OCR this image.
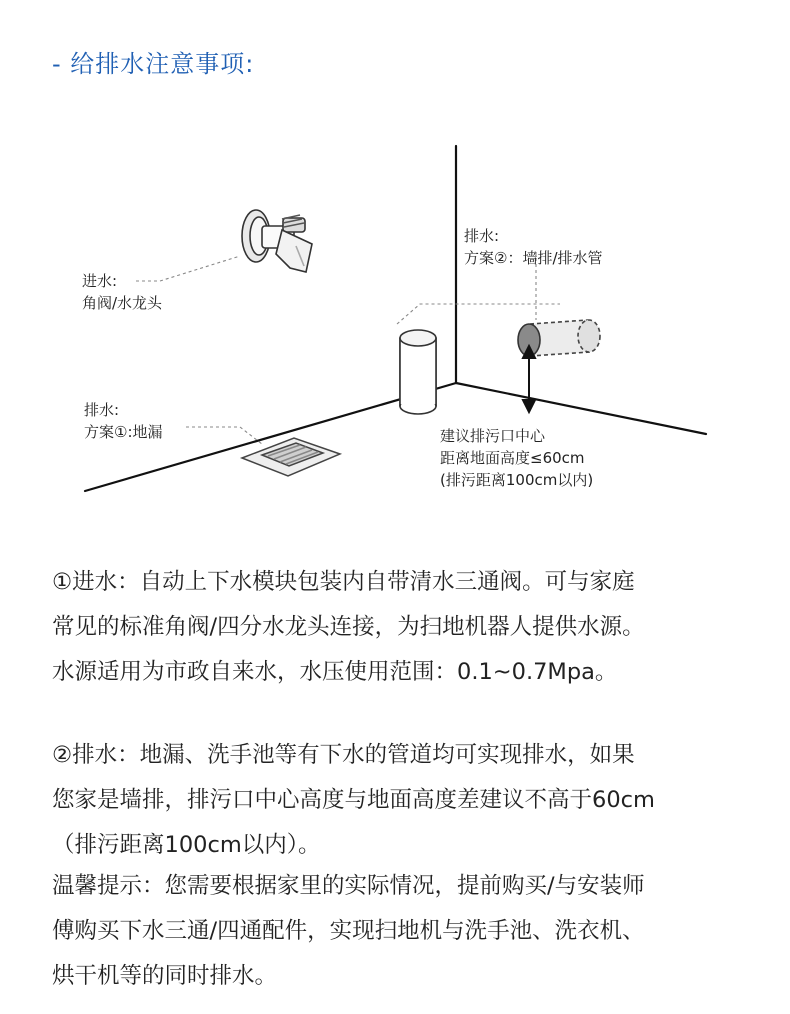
- 给排水注意事项:
进水:
角阀/水龙头
排水:
方案②：墙排/排水管
排水:
方案①:地漏	建议排污口中心
距离地面高度≤60cm
(排污距离100cm以内)
①进水：自动上下水模块包装内自带清水三通阀。可与家庭
常见的标准角阀/四分水龙头连接，为扫地机器人提供水源。
水源适用为市政自来水，水压使用范围：0.1~0.7Mpa。
②排水：地漏、洗手池等有下水的管道均可实现排水，如果
您家是墙排，排污口中心高度与地面高度差建议不高于60cm
（排污距离100cm以内）。
温馨提示：您需要根据家里的实际情况，提前购买/与安装师
傅购买下水三通/四通配件，实现扫地机与洗手池、洗衣机、
烘干机等的同时排水。
